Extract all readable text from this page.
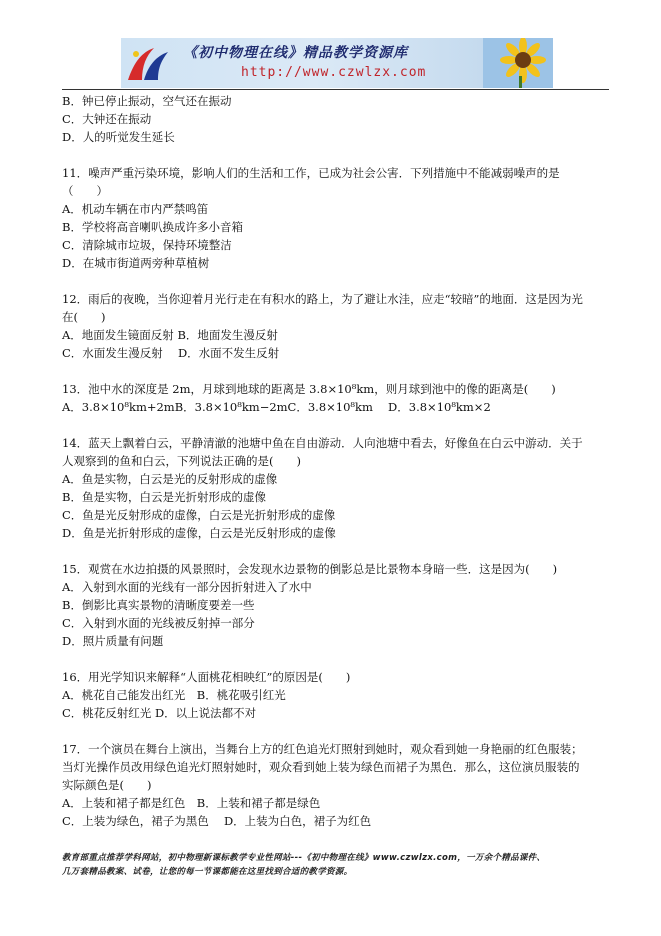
《初中物理在线》精品教学资源库
http://www.czwlzx.com
B．钟已停止振动，空气还在振动
C．大钟还在振动
D．人的听觉发生延长
11．噪声严重污染环境，影响人们的生活和工作，已成为社会公害．下列措施中不能减弱噪声的是
（　　）
A．机动车辆在市内严禁鸣笛
B．学校将高音喇叭换成许多小音箱
C．清除城市垃圾，保持环境整洁
D．在城市街道两旁种草植树
12．雨后的夜晚，当你迎着月光行走在有积水的路上，为了避让水洼，应走“较暗”的地面．这是因为光
在(　　)
A．地面发生镜面反射 B．地面发生漫反射
C．水面发生漫反射　 D．水面不发生反射
13．池中水的深度是 2m，月球到地球的距离是 3.8×10⁸km，则月球到池中的像的距离是(　　)
A．3.8×10⁸km+2mB．3.8×10⁸km−2mC．3.8×10⁸km　 D．3.8×10⁸km×2
14．蓝天上飘着白云，平静清澈的池塘中鱼在自由游动．人向池塘中看去，好像鱼在白云中游动．关于
人观察到的鱼和白云，下列说法正确的是(　　)
A．鱼是实物，白云是光的反射形成的虚像
B．鱼是实物，白云是光折射形成的虚像
C．鱼是光反射形成的虚像，白云是光折射形成的虚像
D．鱼是光折射形成的虚像，白云是光反射形成的虚像
15．观赏在水边拍摄的风景照时，会发现水边景物的倒影总是比景物本身暗一些．这是因为(　　)
A．入射到水面的光线有一部分因折射进入了水中
B．倒影比真实景物的清晰度要差一些
C．入射到水面的光线被反射掉一部分
D．照片质量有问题
16．用光学知识来解释“人面桃花相映红”的原因是(　　)
A．桃花自己能发出红光　B．桃花吸引红光
C．桃花反射红光 D．以上说法都不对
17．一个演员在舞台上演出，当舞台上方的红色追光灯照射到她时，观众看到她一身艳丽的红色服装；
当灯光操作员改用绿色追光灯照射她时，观众看到她上装为绿色而裙子为黑色．那么，这位演员服装的
实际颜色是(　　)
A．上装和裙子都是红色　B．上装和裙子都是绿色
C．上装为绿色，裙子为黑色　 D．上装为白色，裙子为红色
教育部重点推荐学科网站，初中物理新课标教学专业性网站---《初中物理在线》www.czwlzx.com，一万余个精品课件、
几万套精品教案、试卷，让您的每一节课都能在这里找到合适的教学资源。
